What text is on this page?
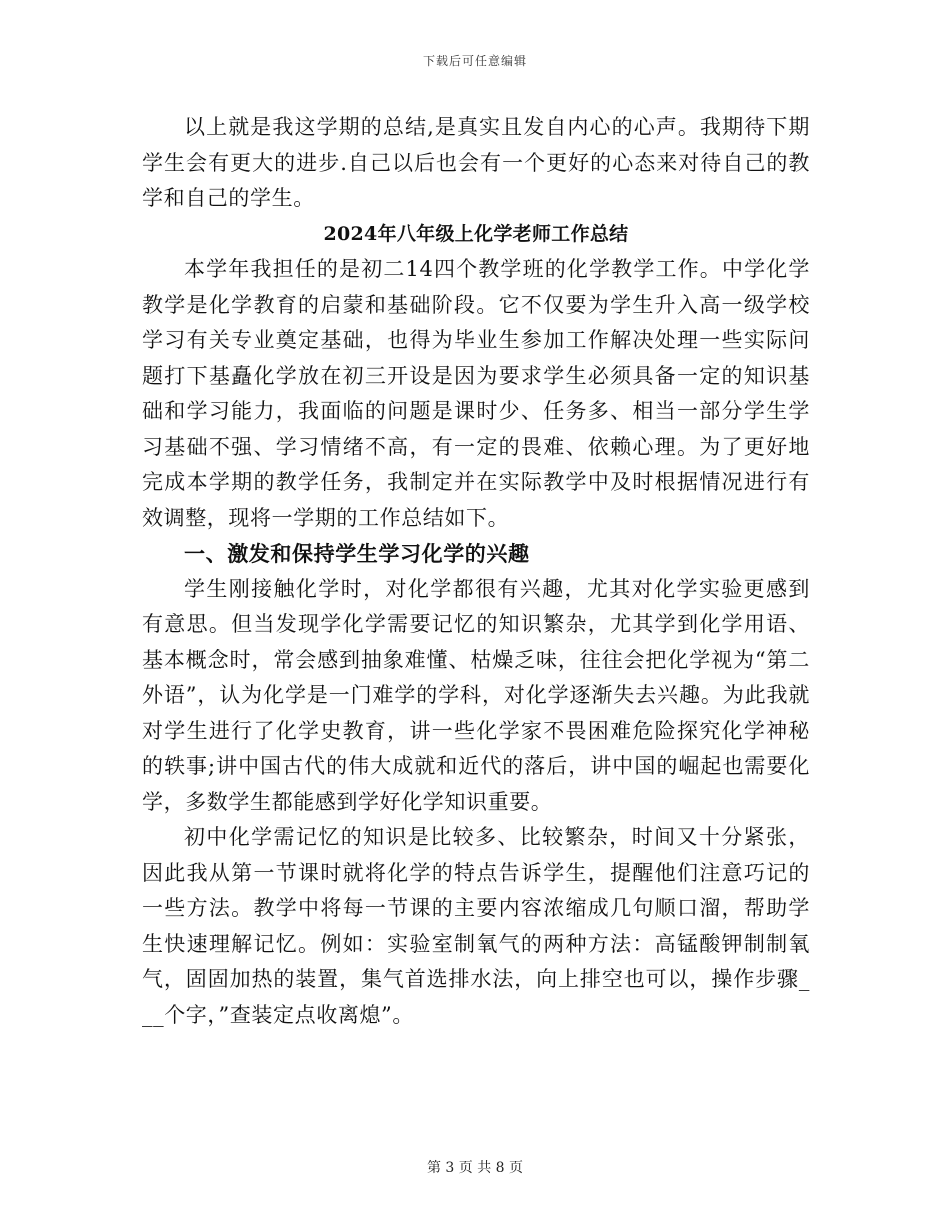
下载后可任意编辑

以上就是我这学期的总结,是真实且发自内心的心声。我期待下期学生会有更大的进步.自己以后也会有一个更好的心态来对待自己的教学和自己的学生。

2024年八年级上化学老师工作总结

本学年我担任的是初二14四个教学班的化学教学工作。中学化学教学是化学教育的启蒙和基础阶段。它不仅要为学生升入高一级学校学习有关专业奠定基础，也得为毕业生参加工作解决处理一些实际问题打下基矗化学放在初三开设是因为要求学生必须具备一定的知识基础和学习能力，我面临的问题是课时少、任务多、相当一部分学生学习基础不强、学习情绪不高，有一定的畏难、依赖心理。为了更好地完成本学期的教学任务，我制定并在实际教学中及时根据情况进行有效调整，现将一学期的工作总结如下。

一、激发和保持学生学习化学的兴趣

学生刚接触化学时，对化学都很有兴趣，尤其对化学实验更感到有意思。但当发现学化学需要记忆的知识繁杂，尤其学到化学用语、基本概念时，常会感到抽象难懂、枯燥乏味，往往会把化学视为“第二外语”，认为化学是一门难学的学科，对化学逐渐失去兴趣。为此我就对学生进行了化学史教育，讲一些化学家不畏困难危险探究化学神秘的轶事;讲中国古代的伟大成就和近代的落后，讲中国的崛起也需要化学，多数学生都能感到学好化学知识重要。

初中化学需记忆的知识是比较多、比较繁杂，时间又十分紧张，因此我从第一节课时就将化学的特点告诉学生，提醒他们注意巧记的一些方法。教学中将每一节课的主要内容浓缩成几句顺口溜，帮助学生快速理解记忆。例如：实验室制氧气的两种方法：高锰酸钾制制氧气，固固加热的装置，集气首选排水法，向上排空也可以，操作步骤___个字，”查装定点收离熄”。

第 3 页 共 8 页
